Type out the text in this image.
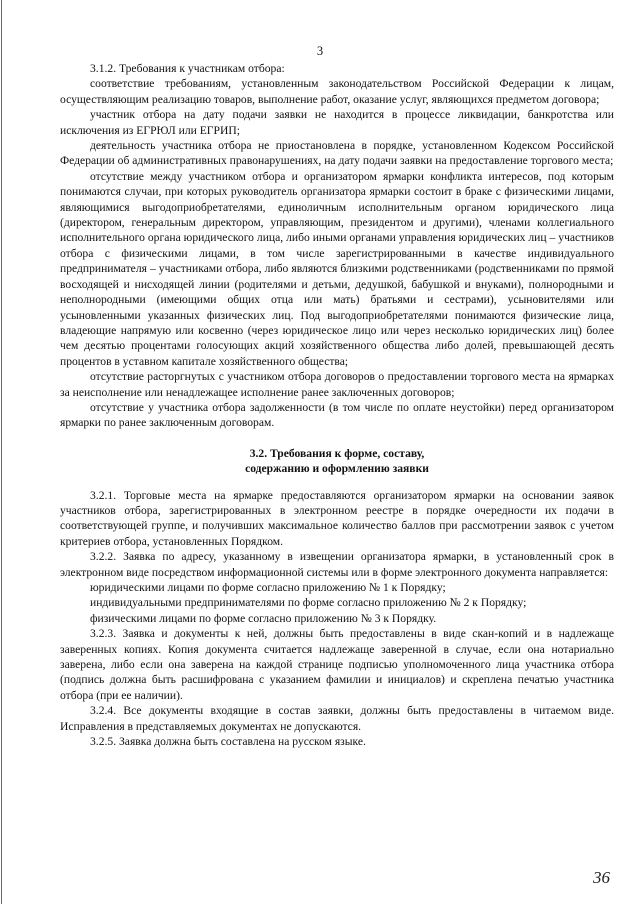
3

3.1.2. Требования к участникам отбора:

соответствие требованиям, установленным законодательством Российской Федерации к лицам, осуществляющим реализацию товаров, выполнение работ, оказание услуг, являющихся предметом договора;

участник отбора на дату подачи заявки не находится в процессе ликвидации, банкротства или исключения из ЕГРЮЛ или ЕГРИП;

деятельность участника отбора не приостановлена в порядке, установленном Кодексом Российской Федерации об административных правонарушениях, на дату подачи заявки на предоставление торгового места;

отсутствие между участником отбора и организатором ярмарки конфликта интересов, под которым понимаются случаи, при которых руководитель организатора ярмарки состоит в браке с физическими лицами, являющимися выгодоприобретателями, единоличным исполнительным органом юридического лица (директором, генеральным директором, управляющим, президентом и другими), членами коллегиального исполнительного органа юридического лица, либо иными органами управления юридических лиц – участников отбора с физическими лицами, в том числе зарегистрированными в качестве индивидуального предпринимателя – участниками отбора, либо являются близкими родственниками (родственниками по прямой восходящей и нисходящей линии (родителями и детьми, дедушкой, бабушкой и внуками), полнородными и неполнородными (имеющими общих отца или мать) братьями и сестрами), усыновителями или усыновленными указанных физических лиц. Под выгодоприобретателями понимаются физические лица, владеющие напрямую или косвенно (через юридическое лицо или через несколько юридических лиц) более чем десятью процентами голосующих акций хозяйственного общества либо долей, превышающей десять процентов в уставном капитале хозяйственного общества;

отсутствие расторгнутых с участником отбора договоров о предоставлении торгового места на ярмарках за неисполнение или ненадлежащее исполнение ранее заключенных договоров;

отсутствие у участника отбора задолженности (в том числе по оплате неустойки) перед организатором ярмарки по ранее заключенным договорам.

3.2. Требования к форме, составу,
содержанию и оформлению заявки

3.2.1. Торговые места на ярмарке предоставляются организатором ярмарки на основании заявок участников отбора, зарегистрированных в электронном реестре в порядке очередности их подачи в соответствующей группе, и получивших максимальное количество баллов при рассмотрении заявок с учетом критериев отбора, установленных Порядком.

3.2.2. Заявка по адресу, указанному в извещении организатора ярмарки, в установленный срок в электронном виде посредством информационной системы или в форме электронного документа направляется:

юридическими лицами по форме согласно приложению № 1 к Порядку;

индивидуальными предпринимателями по форме согласно приложению № 2 к Порядку;

физическими лицами по форме согласно приложению № 3 к Порядку.

3.2.3. Заявка и документы к ней, должны быть предоставлены в виде скан-копий и в надлежаще заверенных копиях. Копия документа считается надлежаще заверенной в случае, если она нотариально заверена, либо если она заверена на каждой странице подписью уполномоченного лица участника отбора (подпись должна быть расшифрована с указанием фамилии и инициалов) и скреплена печатью участника отбора (при ее наличии).

3.2.4. Все документы входящие в состав заявки, должны быть предоставлены в читаемом виде. Исправления в представляемых документах не допускаются.

3.2.5. Заявка должна быть составлена на русском языке.

36
